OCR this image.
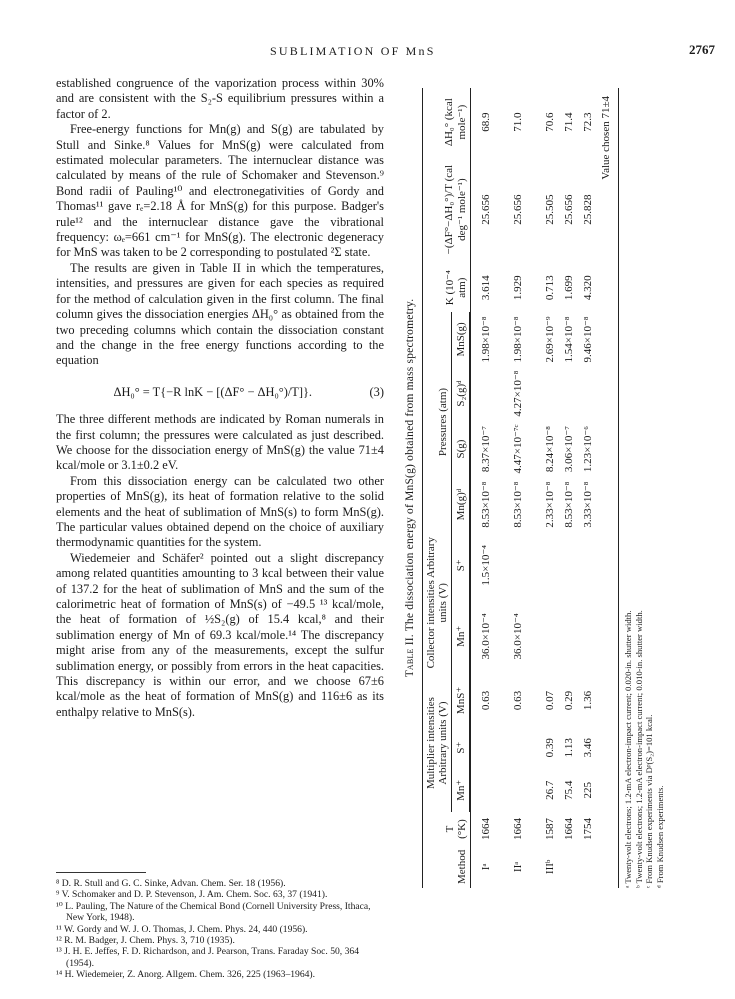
SUBLIMATION OF MnS	2767

established congruence of the vaporization process within 30% and are consistent with the S₂-S equilibrium pressures within a factor of 2.

Free-energy functions for Mn(g) and S(g) are tabulated by Stull and Sinke.⁸ Values for MnS(g) were calculated from estimated molecular parameters. The internuclear distance was calculated by means of the rule of Schomaker and Stevenson.⁹ Bond radii of Pauling¹⁰ and electronegativities of Gordy and Thomas¹¹ gave rₑ=2.18 Å for MnS(g) for this purpose. Badger's rule¹² and the internuclear distance gave the vibrational frequency: ωₑ=661 cm⁻¹ for MnS(g). The electronic degeneracy for MnS was taken to be 2 corresponding to postulated ²Σ state.

The results are given in Table II in which the temperatures, intensities, and pressures are given for each species as required for the method of calculation given in the first column. The final column gives the dissociation energies ΔH₀° as obtained from the two preceding columns which contain the dissociation constant and the change in the free energy functions according to the equation

ΔH₀° = T{−R lnK − [(ΔF° − ΔH₀°)/T]}.	(3)

The three different methods are indicated by Roman numerals in the first column; the pressures were calculated as just described. We choose for the dissociation energy of MnS(g) the value 71±4 kcal/mole or 3.1±0.2 eV.

From this dissociation energy can be calculated two other properties of MnS(g), its heat of formation relative to the solid elements and the heat of sublimation of MnS(s) to form MnS(g). The particular values obtained depend on the choice of auxiliary thermodynamic quantities for the system.

Wiedemeier and Schäfer² pointed out a slight discrepancy among related quantities amounting to 3 kcal between their value of 137.2 for the heat of sublimation of MnS and the sum of the calorimetric heat of formation of MnS(s) of −49.5 ¹³ kcal/mole, the heat of formation of ½S₂(g) of 15.4 kcal,⁸ and their sublimation energy of Mn of 69.3 kcal/mole.¹⁴ The discrepancy might arise from any of the measurements, except the sulfur sublimation energy, or possibly from errors in the heat capacities. This discrepancy is within our error, and we choose 67±6 kcal/mole as the heat of formation of MnS(g) and 116±6 as its enthalpy relative to MnS(s).

⁸ D. R. Stull and G. C. Sinke, Advan. Chem. Ser. 18 (1956).
⁹ V. Schomaker and D. P. Stevenson, J. Am. Chem. Soc. 63, 37 (1941).
¹⁰ L. Pauling, The Nature of the Chemical Bond (Cornell University Press, Ithaca, New York, 1948).
¹¹ W. Gordy and W. J. O. Thomas, J. Chem. Phys. 24, 440 (1956).
¹² R. M. Badger, J. Chem. Phys. 3, 710 (1935).
¹³ J. H. E. Jeffes, F. D. Richardson, and J. Pearson, Trans. Faraday Soc. 50, 364 (1954).
¹⁴ H. Wiedemeier, Z. Anorg. Allgem. Chem. 326, 225 (1963–1964).
Table II. The dissociation energy of MnS(g) obtained from mass spectrometry.
Method	T (°K)	Multiplier intensities Arbitrary units (V)			Collector intensities Arbitrary units (V)		Pressures (atm)				K (10⁻⁴ atm)	−(ΔF°−ΔH₀°)/T (cal deg⁻¹ mole⁻¹)	ΔH₀° (kcal mole⁻¹)
		Mn⁺	S⁺	MnS⁺	Mn⁺	S⁺	Mn(g)ᵈ	S(g)	S₂(g)ᵈ	MnS(g)			

Iᵃ	1664			0.63	36.0×10⁻⁴	1.5×10⁻⁴	8.53×10⁻⁸	8.37×10⁻⁷		1.98×10⁻⁸	3.614	25.656	68.9
IIᵃ	1664			0.63	36.0×10⁻⁴		8.53×10⁻⁸	4.47×10⁻⁷ᶜ	4.27×10⁻⁸	1.98×10⁻⁸	1.929	25.656	71.0
IIIᵇ	1587	26.7	0.39	0.07			2.33×10⁻⁸	8.24×10⁻⁸		2.69×10⁻⁹	0.713	25.505	70.6
	1664	75.4	1.13	0.29			8.53×10⁻⁸	3.06×10⁻⁷		1.54×10⁻⁸	1.699	25.656	71.4
	1754	225	3.46	1.36			3.33×10⁻⁸	1.23×10⁻⁶		9.46×10⁻⁸	4.320	25.828	72.3
Value chosen 71±4													

ᵃ Twenty-volt electrons; 1.2-mA electron-impact current; 0.020-in. shutter width. ᵇ Twenty-volt electrons; 1.2-mA electron-impact current; 0.010-in. shutter width. ᶜ From Knudsen experiments via Dᵖ(S₂)=101 kcal. ᵈ From Knudsen experiments.
